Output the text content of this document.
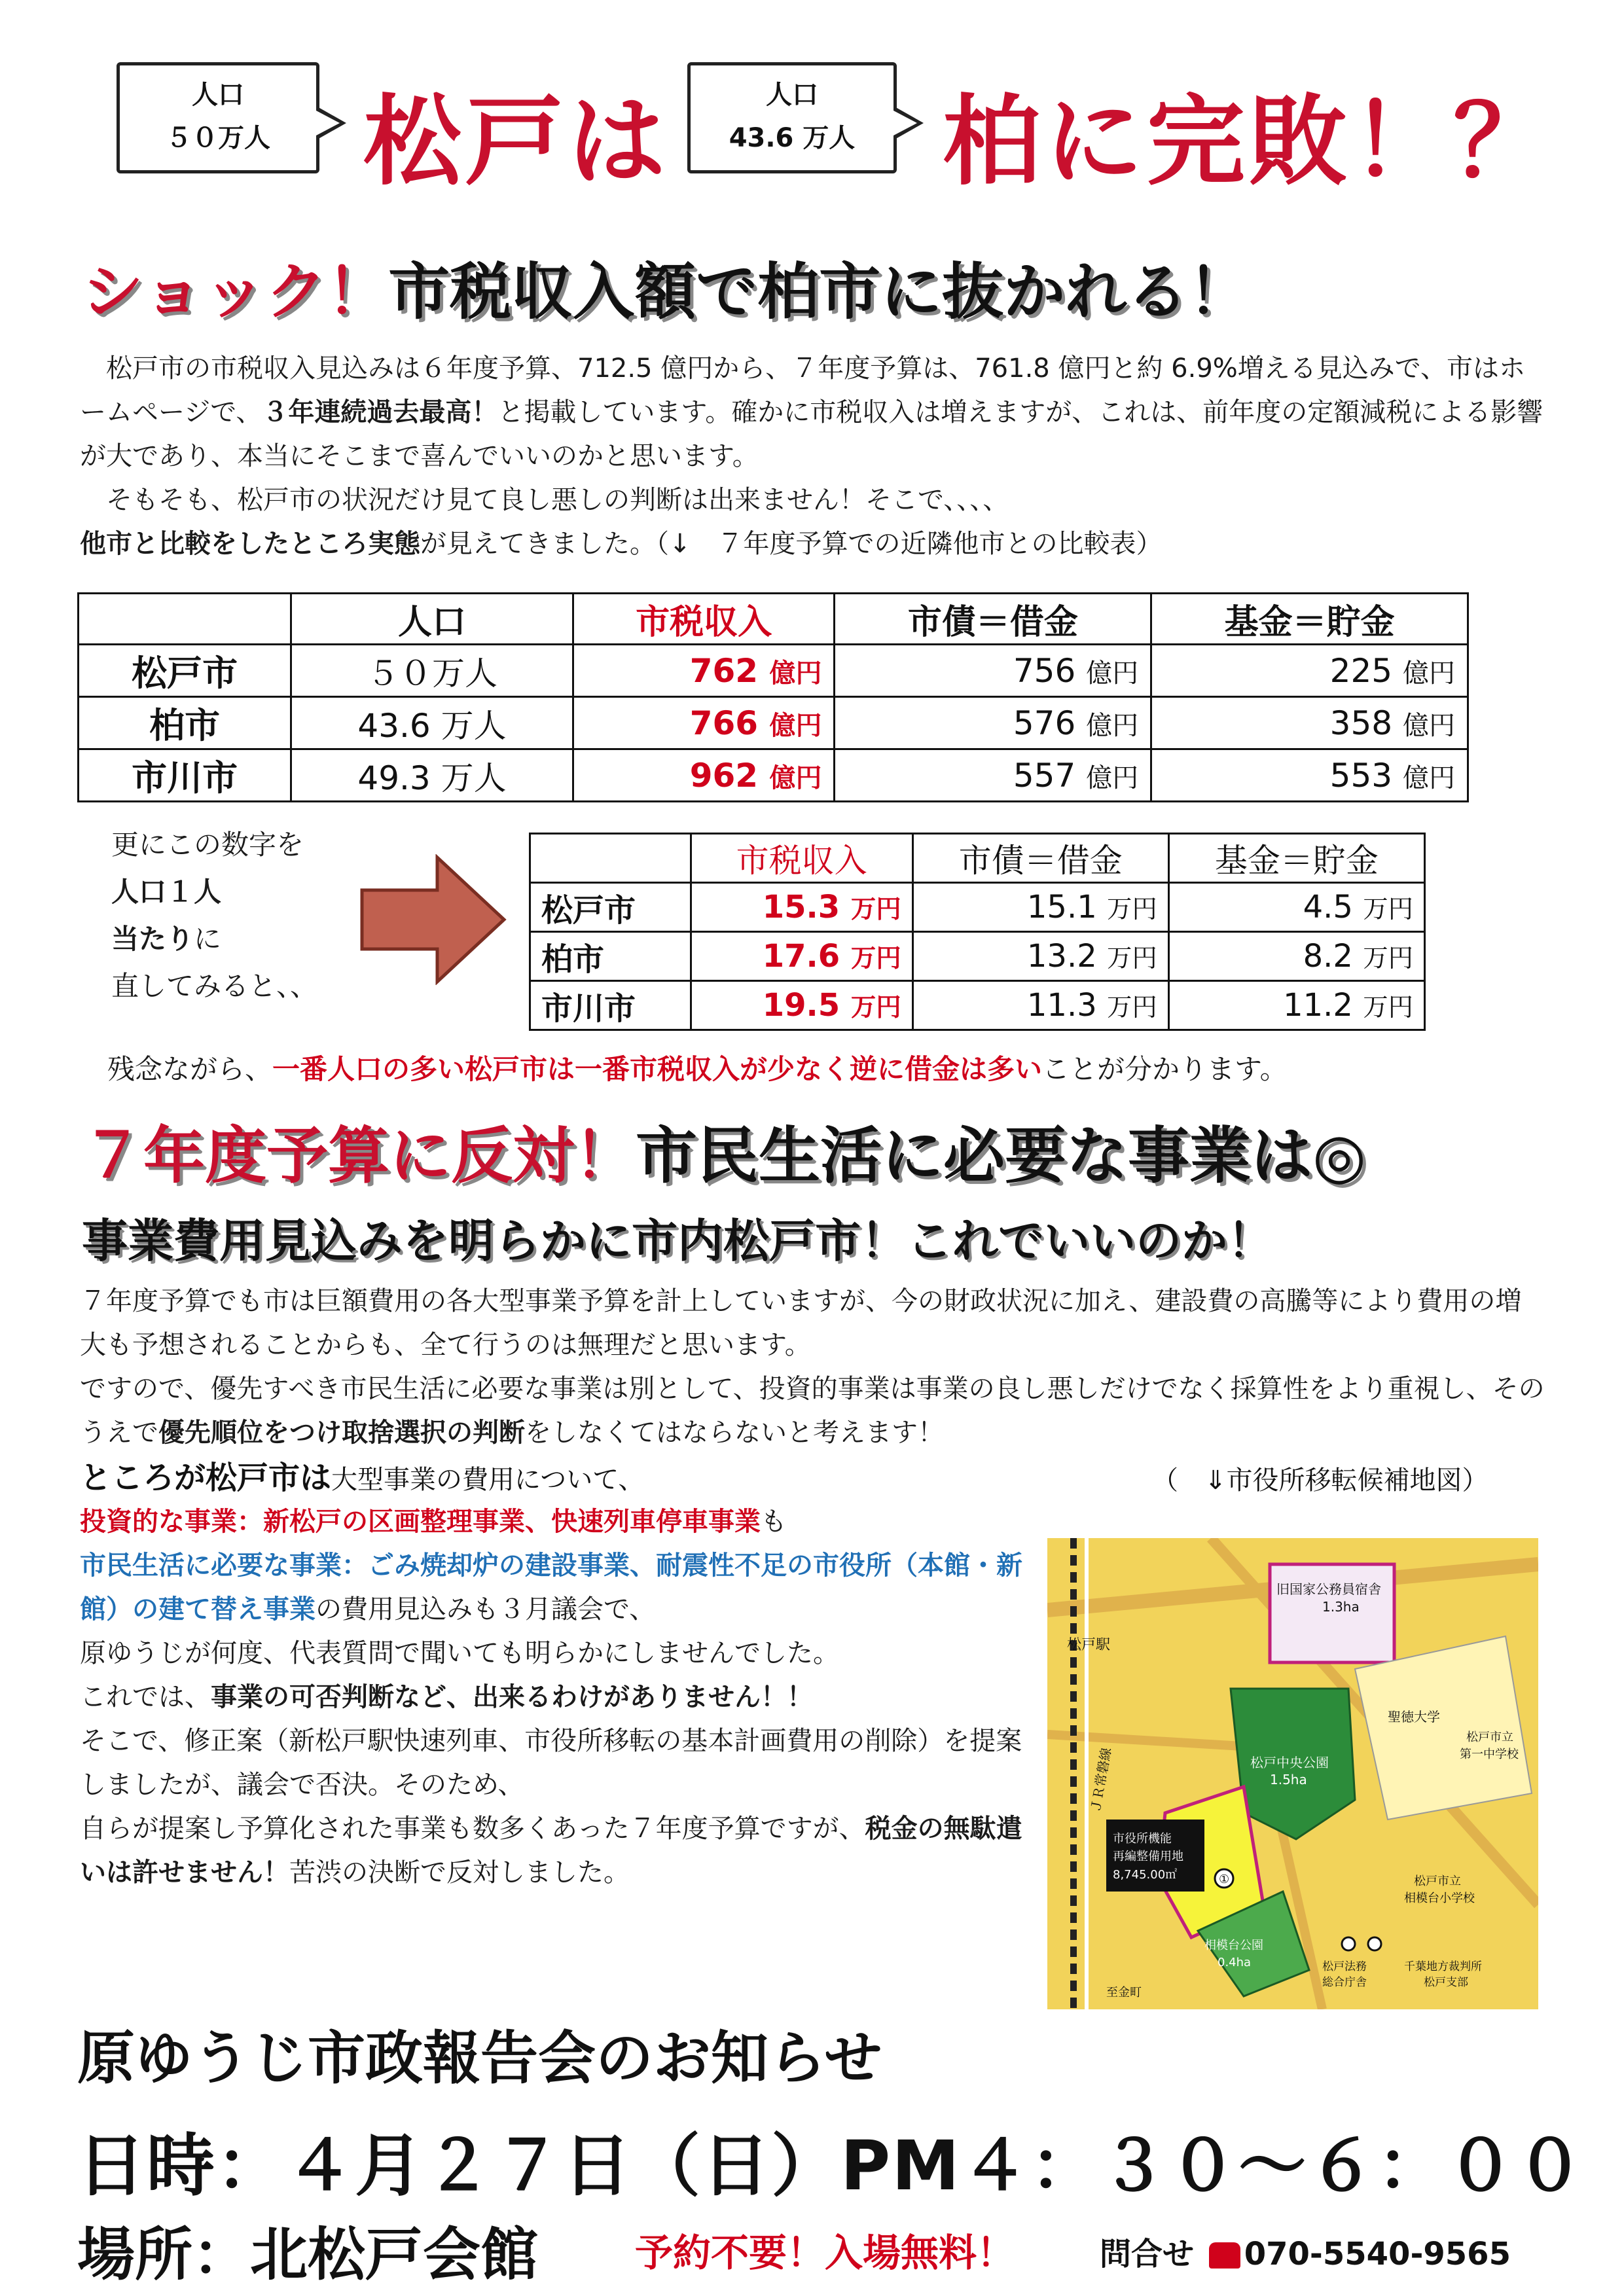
人口
５０万人 松戸は	人口
43.6 万人 柏に完敗！？
ショック！市税収入額で柏市に抜かれる！

　松戸市の市税収入見込みは６年度予算、712.5 億円から、７年度予算は、761.8 億円と約 6.9%増える見込みで、市はホームページで、３年連続過去最高！と掲載しています。確かに市税収入は増えますが、これは、前年度の定額減税による影響が大であり、本当にそこまで喜んでいいのかと思います。

　そもそも、松戸市の状況だけ見て良し悪しの判断は出来ません！そこで、、、、

他市と比較をしたところ実態が見えてきました。（↓　７年度予算での近隣他市との比較表）

	人口	市税収入	市債＝借金	基金＝貯金
松戸市	５０万人	762 億円	756 億円	225 億円
柏市	43.6 万人	766 億円	576 億円	358 億円
市川市	49.3 万人	962 億円	557 億円	553 億円

更にこの数字を

人口１人

当たりに

直してみると、、

	市税収入	市債＝借金	基金＝貯金
松戸市	15.3 万円	15.1 万円	4.5 万円
柏市	17.6 万円	13.2 万円	8.2 万円
市川市	19.5 万円	11.3 万円	11.2 万円

　残念ながら、一番人口の多い松戸市は一番市税収入が少なく逆に借金は多いことが分かります。

７年度予算に反対！市民生活に必要な事業は◎
事業費用見込みを明らかに市内松戸市！これでいいのか！

７年度予算でも市は巨額費用の各大型事業予算を計上していますが、今の財政状況に加え、建設費の高騰等により費用の増大も予想されることからも、全て行うのは無理だと思います。

ですので、優先すべき市民生活に必要な事業は別として、投資的事業は事業の良し悪しだけでなく採算性をより重視し、そのうえで優先順位をつけ取捨選択の判断をしなくてはならないと考えます！

ところが松戸市は大型事業の費用について、	（　⇓市役所移転候補地図）

投資的な事業：新松戸の区画整理事業、快速列車停車事業も

市民生活に必要な事業：ごみ焼却炉の建設事業、耐震性不足の市役所（本館・新館）の建て替え事業の費用見込みも３月議会で、

原ゆうじが何度、代表質問で聞いても明らかにしませんでした。

これでは、事業の可否判断など、出来るわけがありません！！

そこで、修正案（新松戸駅快速列車、市役所移転の基本計画費用の削除）を提案しましたが、議会で否決。そのため、

自らが提案し予算化された事業も数多くあった７年度予算ですが、税金の無駄遣いは許せません！苦渋の決断で反対しました。

松戸駅
ＪＲ常磐線
旧国家公務員宿舎
1.3ha
聖徳大学
松戸市立
第一中学校
松戸中央公園
1.5ha
市役所機能
再編整備用地
8,745.00㎡	①
相模台公園
0.4ha
松戸市立
相模台小学校
松戸法務
総合庁舎
千葉地方裁判所
松戸支部
至金町
原ゆうじ市政報告会のお知らせ
日時：４月２７日（日）PM４：３０〜６：００
場所：北松戸会館	予約不要！入場無料！	問合せ 070-5540-9565
